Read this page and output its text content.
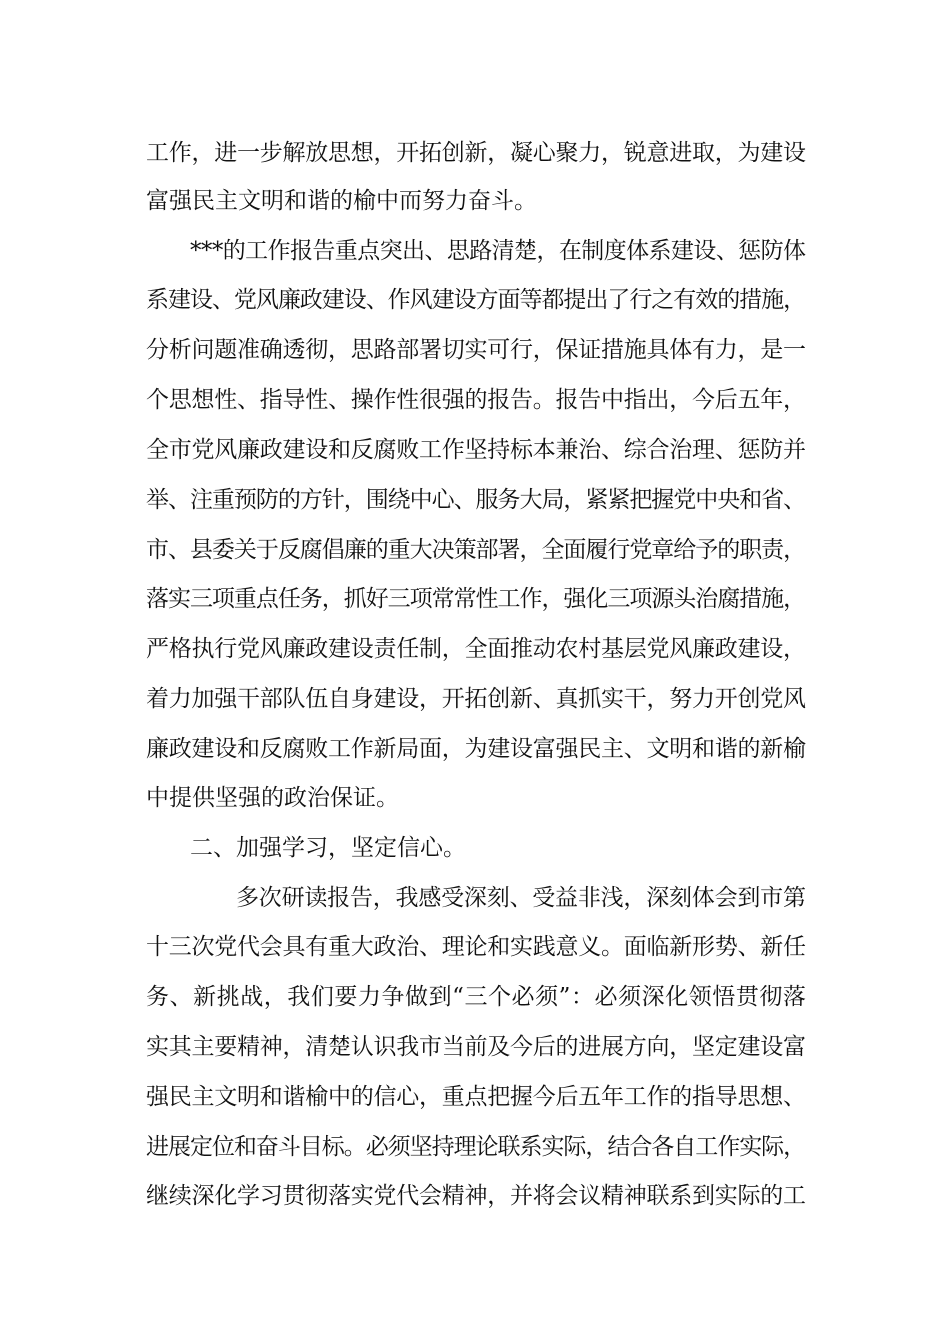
工作，进一步解放思想，开拓创新，凝心聚力，锐意进取，为建设

富强民主文明和谐的榆中而努力奋斗。

***的工作报告重点突出、思路清楚，在制度体系建设、惩防体

系建设、党风廉政建设、作风建设方面等都提出了行之有效的措施，

分析问题准确透彻，思路部署切实可行，保证措施具体有力，是一

个思想性、指导性、操作性很强的报告。报告中指出，今后五年，

全市党风廉政建设和反腐败工作坚持标本兼治、综合治理、惩防并

举、注重预防的方针，围绕中心、服务大局，紧紧把握党中央和省、

市、县委关于反腐倡廉的重大决策部署，全面履行党章给予的职责，

落实三项重点任务，抓好三项常常性工作，强化三项源头治腐措施，

严格执行党风廉政建设责任制，全面推动农村基层党风廉政建设，

着力加强干部队伍自身建设，开拓创新、真抓实干，努力开创党风

廉政建设和反腐败工作新局面，为建设富强民主、文明和谐的新榆

中提供坚强的政治保证。

二、加强学习，坚定信心。

多次研读报告，我感受深刻、受益非浅，深刻体会到市第

十三次党代会具有重大政治、理论和实践意义。面临新形势、新任

务、新挑战，我们要力争做到“三个必须”：必须深化领悟贯彻落

实其主要精神，清楚认识我市当前及今后的进展方向，坚定建设富

强民主文明和谐榆中的信心，重点把握今后五年工作的指导思想、

进展定位和奋斗目标。必须坚持理论联系实际，结合各自工作实际，

继续深化学习贯彻落实党代会精神，并将会议精神联系到实际的工
